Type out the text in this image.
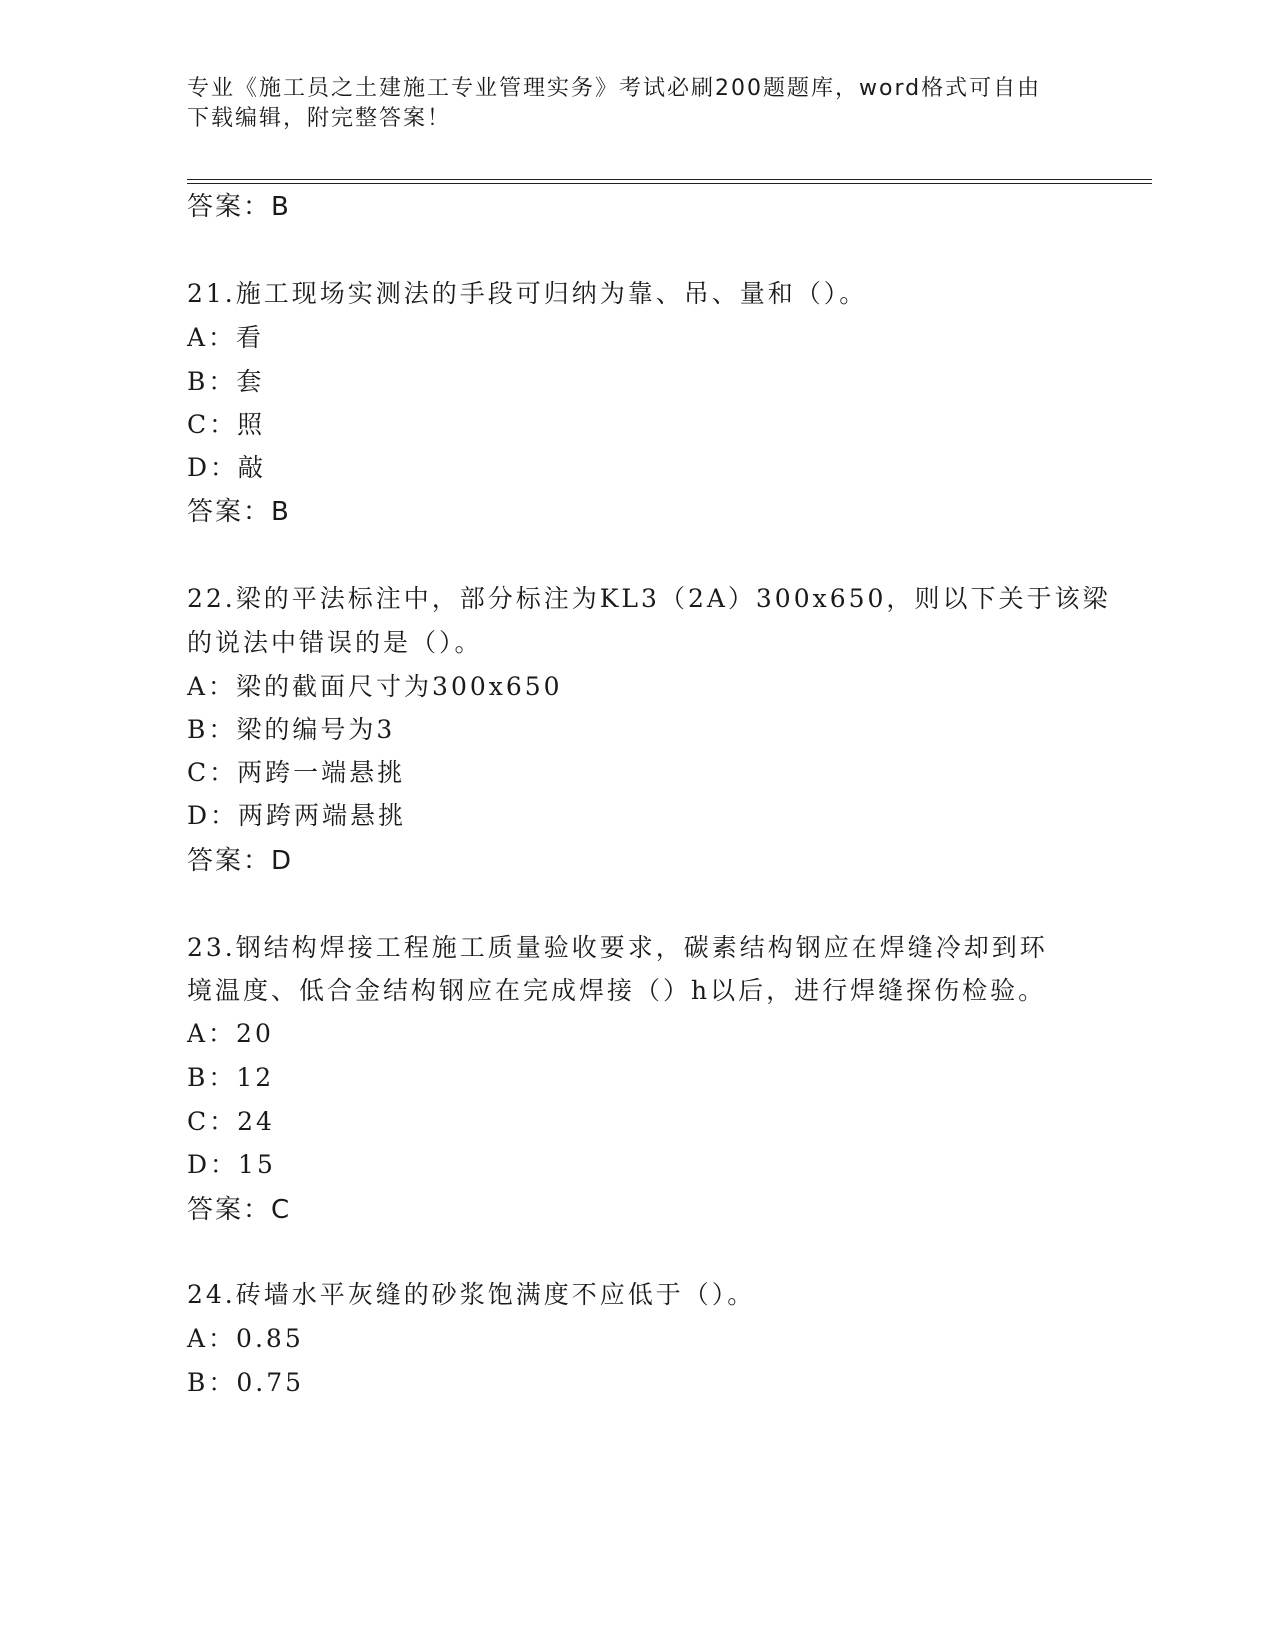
专业《施工员之土建施工专业管理实务》考试必刷200题题库，word格式可自由
下载编辑，附完整答案！
答案：B
21.施工现场实测法的手段可归纳为靠、吊、量和（）。
A：看
B：套
C：照
D：敲
答案：B
22.梁的平法标注中，部分标注为KL3（2A）300x650，则以下关于该梁
的说法中错误的是（）。
A：梁的截面尺寸为300x650
B：梁的编号为3
C：两跨一端悬挑
D：两跨两端悬挑
答案：D
23.钢结构焊接工程施工质量验收要求，碳素结构钢应在焊缝冷却到环
境温度、低合金结构钢应在完成焊接（）h以后，进行焊缝探伤检验。
A：20
B：12
C：24
D：15
答案：C
24.砖墙水平灰缝的砂浆饱满度不应低于（）。
A：0.85
B：0.75
